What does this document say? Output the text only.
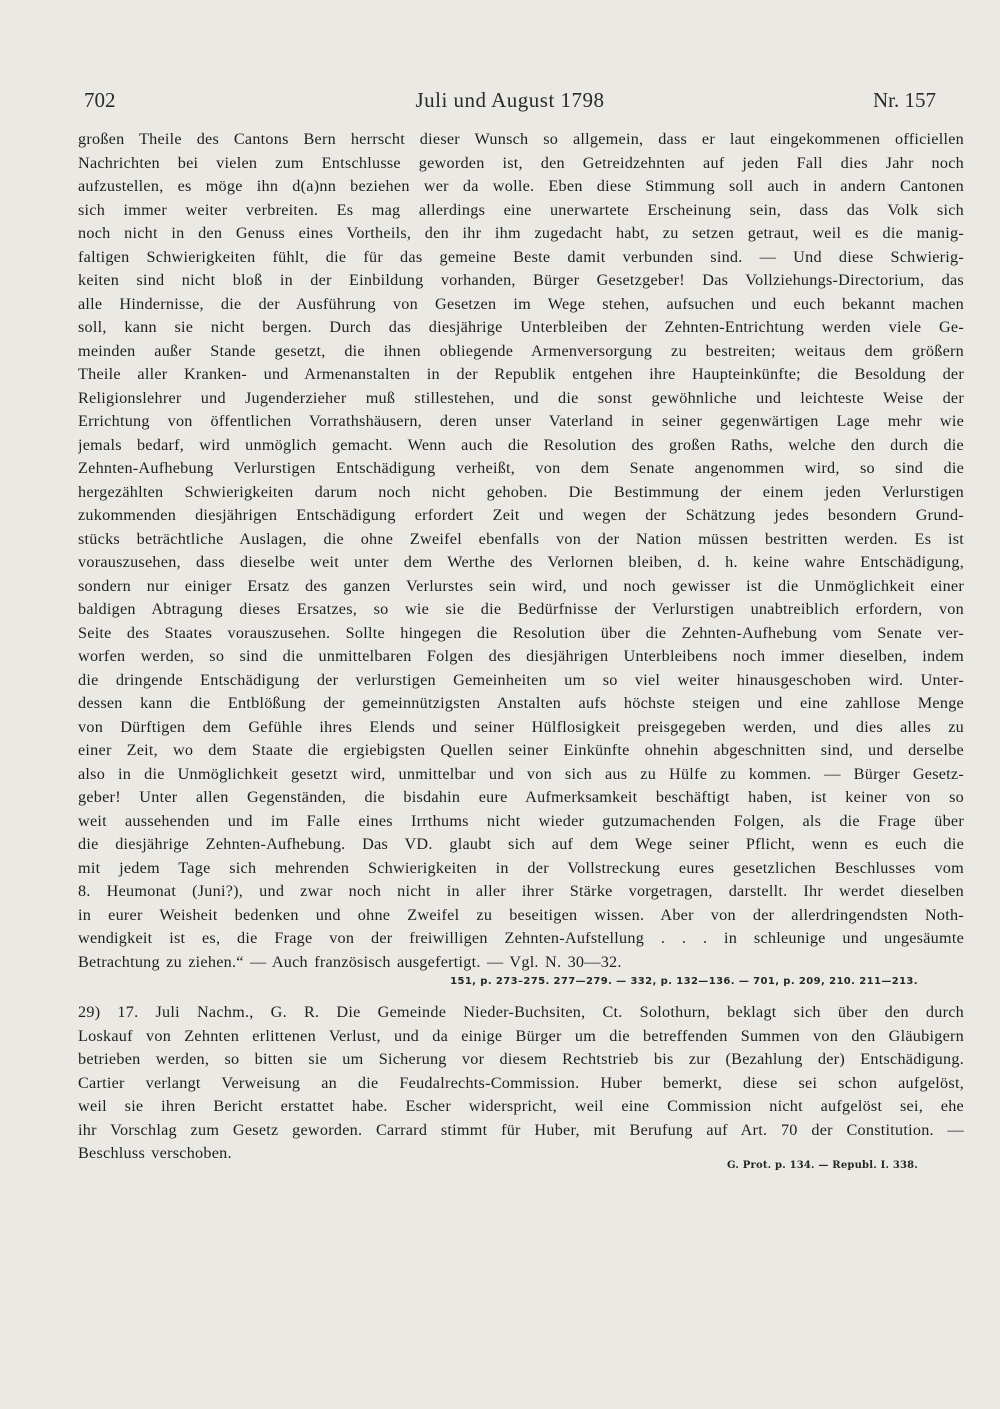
702	Juli und August 1798	Nr. 157
großen Theile des Cantons Bern herrscht dieser Wunsch so allgemein, dass er laut eingekommenen officiellen
Nachrichten bei vielen zum Entschlusse geworden ist, den Getreidzehnten auf jeden Fall dies Jahr noch
aufzustellen, es möge ihn d(a)nn beziehen wer da wolle. Eben diese Stimmung soll auch in andern Cantonen
sich immer weiter verbreiten. Es mag allerdings eine unerwartete Erscheinung sein, dass das Volk sich
noch nicht in den Genuss eines Vortheils, den ihr ihm zugedacht habt, zu setzen getraut, weil es die manig-
faltigen Schwierigkeiten fühlt, die für das gemeine Beste damit verbunden sind. — Und diese Schwierig-
keiten sind nicht bloß in der Einbildung vorhanden, Bürger Gesetzgeber! Das Vollziehungs-Directorium, das
alle Hindernisse, die der Ausführung von Gesetzen im Wege stehen, aufsuchen und euch bekannt machen
soll, kann sie nicht bergen. Durch das diesjährige Unterbleiben der Zehnten-Entrichtung werden viele Ge-
meinden außer Stande gesetzt, die ihnen obliegende Armenversorgung zu bestreiten; weitaus dem größern
Theile aller Kranken- und Armenanstalten in der Republik entgehen ihre Haupteinkünfte; die Besoldung der
Religionslehrer und Jugenderzieher muß stillestehen, und die sonst gewöhnliche und leichteste Weise der
Errichtung von öffentlichen Vorrathshäusern, deren unser Vaterland in seiner gegenwärtigen Lage mehr wie
jemals bedarf, wird unmöglich gemacht. Wenn auch die Resolution des großen Raths, welche den durch die
Zehnten-Aufhebung Verlurstigen Entschädigung verheißt, von dem Senate angenommen wird, so sind die
hergezählten Schwierigkeiten darum noch nicht gehoben. Die Bestimmung der einem jeden Verlurstigen
zukommenden diesjährigen Entschädigung erfordert Zeit und wegen der Schätzung jedes besondern Grund-
stücks beträchtliche Auslagen, die ohne Zweifel ebenfalls von der Nation müssen bestritten werden. Es ist
vorauszusehen, dass dieselbe weit unter dem Werthe des Verlornen bleiben, d. h. keine wahre Entschädigung,
sondern nur einiger Ersatz des ganzen Verlurstes sein wird, und noch gewisser ist die Unmöglichkeit einer
baldigen Abtragung dieses Ersatzes, so wie sie die Bedürfnisse der Verlurstigen unabtreiblich erfordern, von
Seite des Staates vorauszusehen. Sollte hingegen die Resolution über die Zehnten-Aufhebung vom Senate ver-
worfen werden, so sind die unmittelbaren Folgen des diesjährigen Unterbleibens noch immer dieselben, indem
die dringende Entschädigung der verlurstigen Gemeinheiten um so viel weiter hinausgeschoben wird. Unter-
dessen kann die Entblößung der gemeinnützigsten Anstalten aufs höchste steigen und eine zahllose Menge
von Dürftigen dem Gefühle ihres Elends und seiner Hülflosigkeit preisgegeben werden, und dies alles zu
einer Zeit, wo dem Staate die ergiebigsten Quellen seiner Einkünfte ohnehin abgeschnitten sind, und derselbe
also in die Unmöglichkeit gesetzt wird, unmittelbar und von sich aus zu Hülfe zu kommen. — Bürger Gesetz-
geber! Unter allen Gegenständen, die bisdahin eure Aufmerksamkeit beschäftigt haben, ist keiner von so
weit aussehenden und im Falle eines Irrthums nicht wieder gutzumachenden Folgen, als die Frage über
die diesjährige Zehnten-Aufhebung. Das VD. glaubt sich auf dem Wege seiner Pflicht, wenn es euch die
mit jedem Tage sich mehrenden Schwierigkeiten in der Vollstreckung eures gesetzlichen Beschlusses vom
8. Heumonat (Juni?), und zwar noch nicht in aller ihrer Stärke vorgetragen, darstellt. Ihr werdet dieselben
in eurer Weisheit bedenken und ohne Zweifel zu beseitigen wissen. Aber von der allerdringendsten Noth-
wendigkeit ist es, die Frage von der freiwilligen Zehnten-Aufstellung . . . in schleunige und ungesäumte
Betrachtung zu ziehen.“ — Auch französisch ausgefertigt. — Vgl. N. 30—32.
151, p. 273–275. 277—279. — 332, p. 132—136. — 701, p. 209, 210. 211—213.
29) 17. Juli Nachm., G. R. Die Gemeinde Nieder-Buchsiten, Ct. Solothurn, beklagt sich über den durch
Loskauf von Zehnten erlittenen Verlust, und da einige Bürger um die betreffenden Summen von den Gläubigern
betrieben werden, so bitten sie um Sicherung vor diesem Rechtstrieb bis zur (Bezahlung der) Entschädigung.
Cartier verlangt Verweisung an die Feudalrechts-Commission. Huber bemerkt, diese sei schon aufgelöst,
weil sie ihren Bericht erstattet habe. Escher widerspricht, weil eine Commission nicht aufgelöst sei, ehe
ihr Vorschlag zum Gesetz geworden. Carrard stimmt für Huber, mit Berufung auf Art. 70 der Constitution. —
Beschluss verschoben.
G. Prot. p. 134. — Republ. I. 338.
